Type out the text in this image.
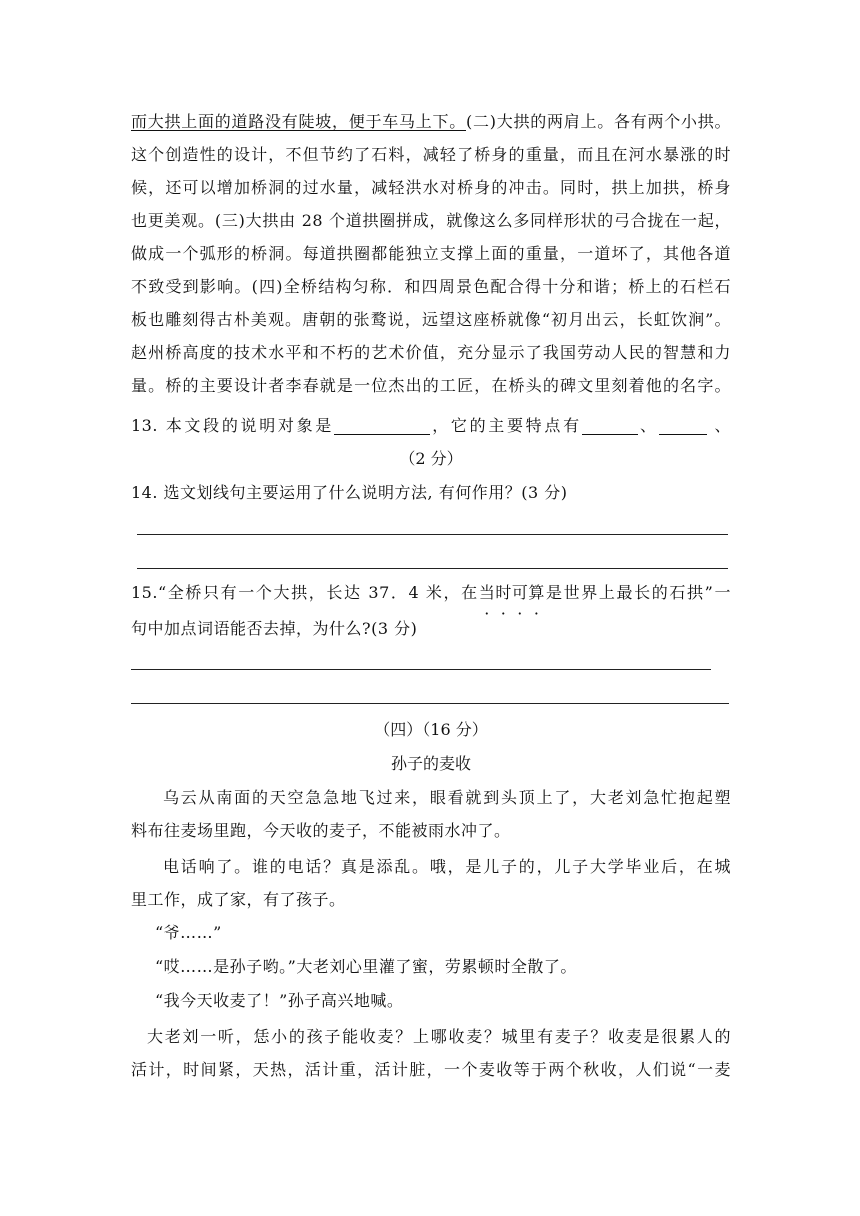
而大拱上面的道路没有陡坡，便于车马上下。(二)大拱的两肩上。各有两个小拱。
这个创造性的设计，不但节约了石料，减轻了桥身的重量，而且在河水暴涨的时
候，还可以增加桥洞的过水量，减轻洪水对桥身的冲击。同时，拱上加拱，桥身
也更美观。(三)大拱由 28 个道拱圈拼成，就像这么多同样形状的弓合拢在一起，
做成一个弧形的桥洞。每道拱圈都能独立支撑上面的重量，一道坏了，其他各道
不致受到影响。(四)全桥结构匀称．和四周景色配合得十分和谐；桥上的石栏石
板也雕刻得古朴美观。唐朝的张鹜说，远望这座桥就像“初月出云，长虹饮涧”。
赵州桥高度的技术水平和不朽的艺术价值，充分显示了我国劳动人民的智慧和力
量。桥的主要设计者李春就是一位杰出的工匠，在桥头的碑文里刻着他的名字。
13. 本文段的说明对象是	，它的主要特点有	、	、
（2 分）
14. 选文划线句主要运用了什么说明方法, 有何作用？(3 分)
15.“全桥只有一个大拱，长达 37．4 米，在当时可算是世界上最长的石拱”一
句中加点词语能否去掉，为什么?(3 分)
（四）（16 分）
孙子的麦收
乌云从南面的天空急急地飞过来，眼看就到头顶上了，大老刘急忙抱起塑
料布往麦场里跑，今天收的麦子，不能被雨水冲了。
电话响了。谁的电话？真是添乱。哦，是儿子的，儿子大学毕业后，在城
里工作，成了家，有了孩子。
“爷……”
“哎……是孙子哟。”大老刘心里灌了蜜，劳累顿时全散了。
“我今天收麦了！”孙子高兴地喊。
大老刘一听，恁小的孩子能收麦？上哪收麦？城里有麦子？收麦是很累人的
活计，时间紧，天热，活计重，活计脏，一个麦收等于两个秋收，人们说“一麦
